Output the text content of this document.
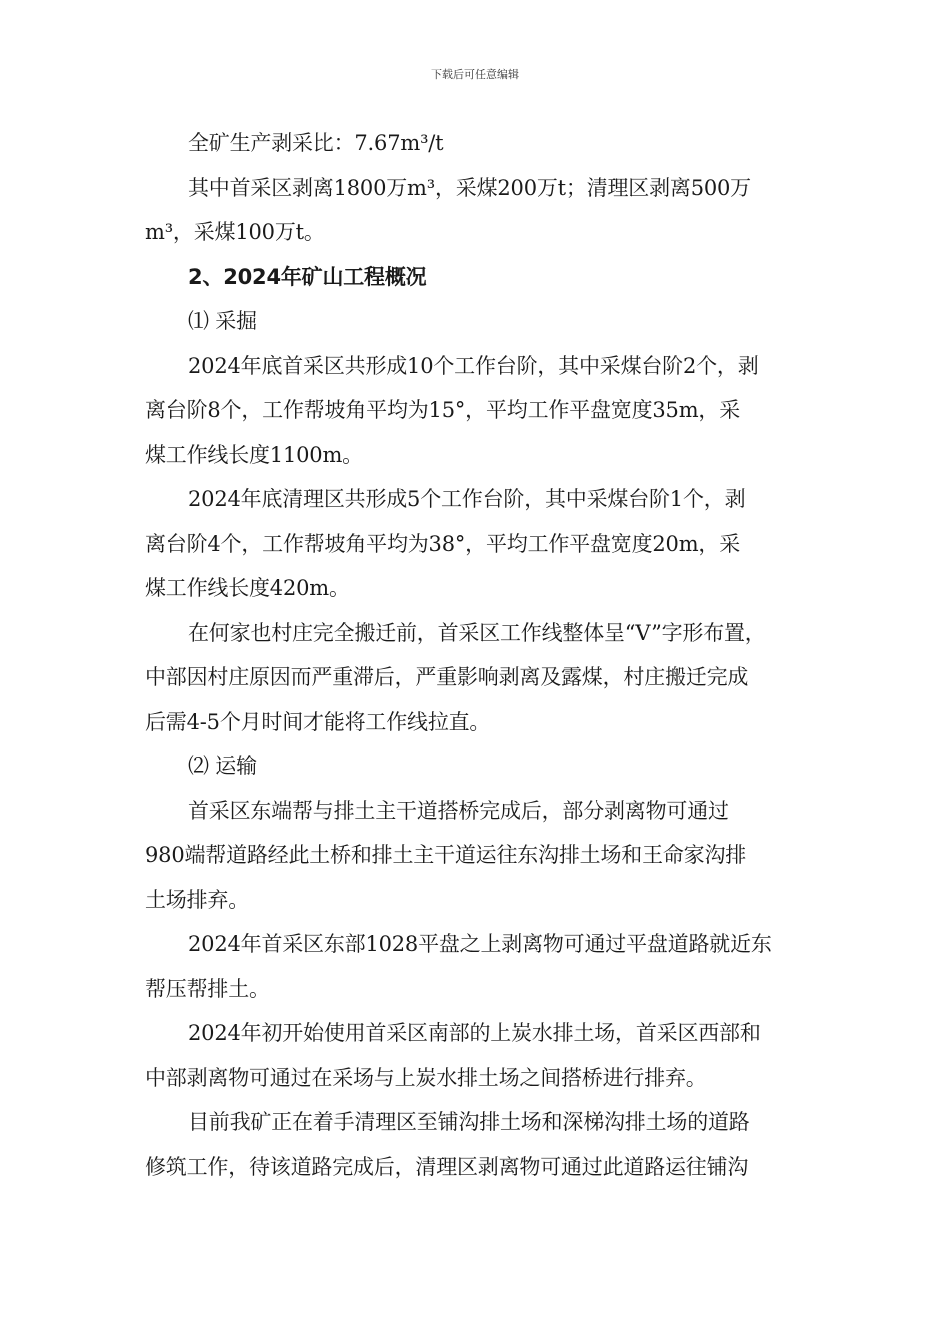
下载后可任意编辑
全矿生产剥采比：7.67m³/t
其中首采区剥离1800万m³，采煤200万t；清理区剥离500万
m³，采煤100万t。
2、2024年矿山工程概况
⑴ 采掘
2024年底首采区共形成10个工作台阶，其中采煤台阶2个，剥
离台阶8个，工作帮坡角平均为15°，平均工作平盘宽度35m，采
煤工作线长度1100m。
2024年底清理区共形成5个工作台阶，其中采煤台阶1个，剥
离台阶4个，工作帮坡角平均为38°，平均工作平盘宽度20m，采
煤工作线长度420m。
在何家也村庄完全搬迁前，首采区工作线整体呈“V”字形布置，
中部因村庄原因而严重滞后，严重影响剥离及露煤，村庄搬迁完成
后需4-5个月时间才能将工作线拉直。
⑵ 运输
首采区东端帮与排土主干道搭桥完成后，部分剥离物可通过
980端帮道路经此土桥和排土主干道运往东沟排土场和王命家沟排
土场排弃。
2024年首采区东部1028平盘之上剥离物可通过平盘道路就近东
帮压帮排土。
2024年初开始使用首采区南部的上炭水排土场，首采区西部和
中部剥离物可通过在采场与上炭水排土场之间搭桥进行排弃。
目前我矿正在着手清理区至铺沟排土场和深梯沟排土场的道路
修筑工作，待该道路完成后，清理区剥离物可通过此道路运往铺沟
